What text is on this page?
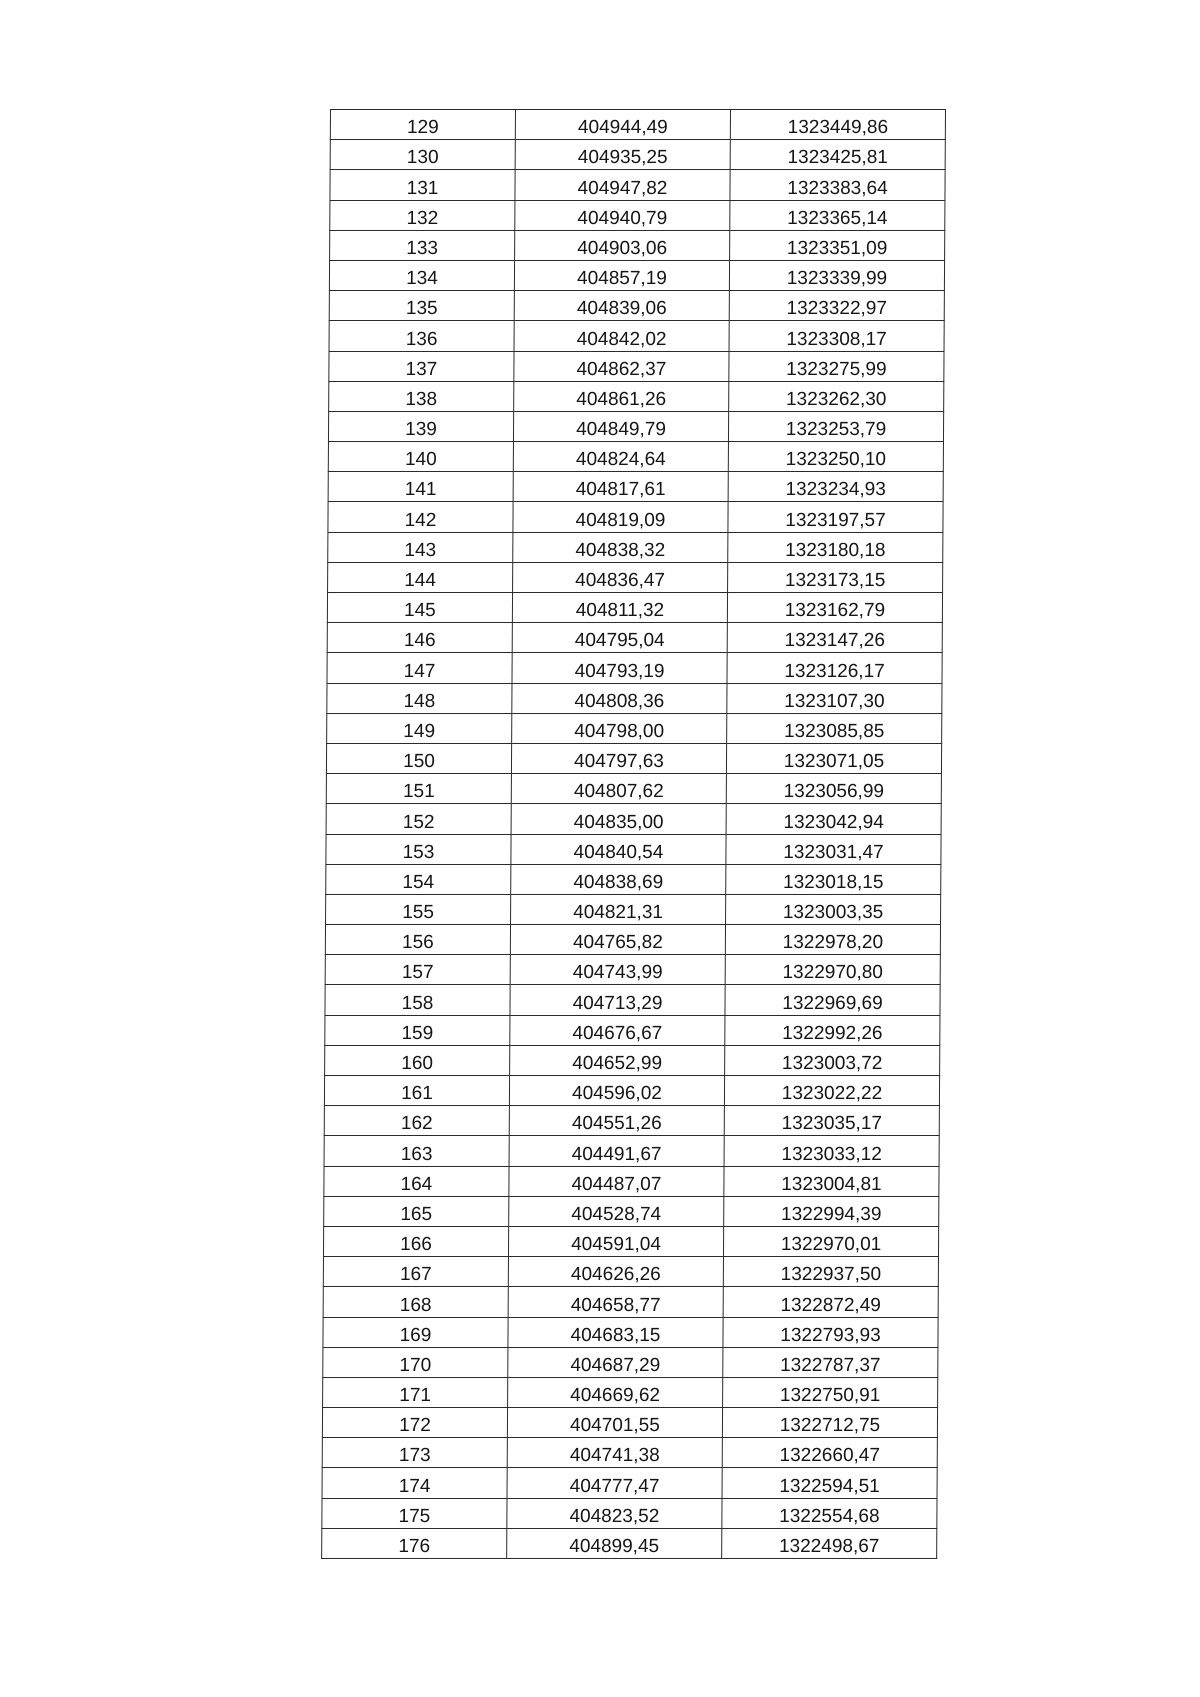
129	404944,49	1323449,86
130	404935,25	1323425,81
131	404947,82	1323383,64
132	404940,79	1323365,14
133	404903,06	1323351,09
134	404857,19	1323339,99
135	404839,06	1323322,97
136	404842,02	1323308,17
137	404862,37	1323275,99
138	404861,26	1323262,30
139	404849,79	1323253,79
140	404824,64	1323250,10
141	404817,61	1323234,93
142	404819,09	1323197,57
143	404838,32	1323180,18
144	404836,47	1323173,15
145	404811,32	1323162,79
146	404795,04	1323147,26
147	404793,19	1323126,17
148	404808,36	1323107,30
149	404798,00	1323085,85
150	404797,63	1323071,05
151	404807,62	1323056,99
152	404835,00	1323042,94
153	404840,54	1323031,47
154	404838,69	1323018,15
155	404821,31	1323003,35
156	404765,82	1322978,20
157	404743,99	1322970,80
158	404713,29	1322969,69
159	404676,67	1322992,26
160	404652,99	1323003,72
161	404596,02	1323022,22
162	404551,26	1323035,17
163	404491,67	1323033,12
164	404487,07	1323004,81
165	404528,74	1322994,39
166	404591,04	1322970,01
167	404626,26	1322937,50
168	404658,77	1322872,49
169	404683,15	1322793,93
170	404687,29	1322787,37
171	404669,62	1322750,91
172	404701,55	1322712,75
173	404741,38	1322660,47
174	404777,47	1322594,51
175	404823,52	1322554,68
176	404899,45	1322498,67
